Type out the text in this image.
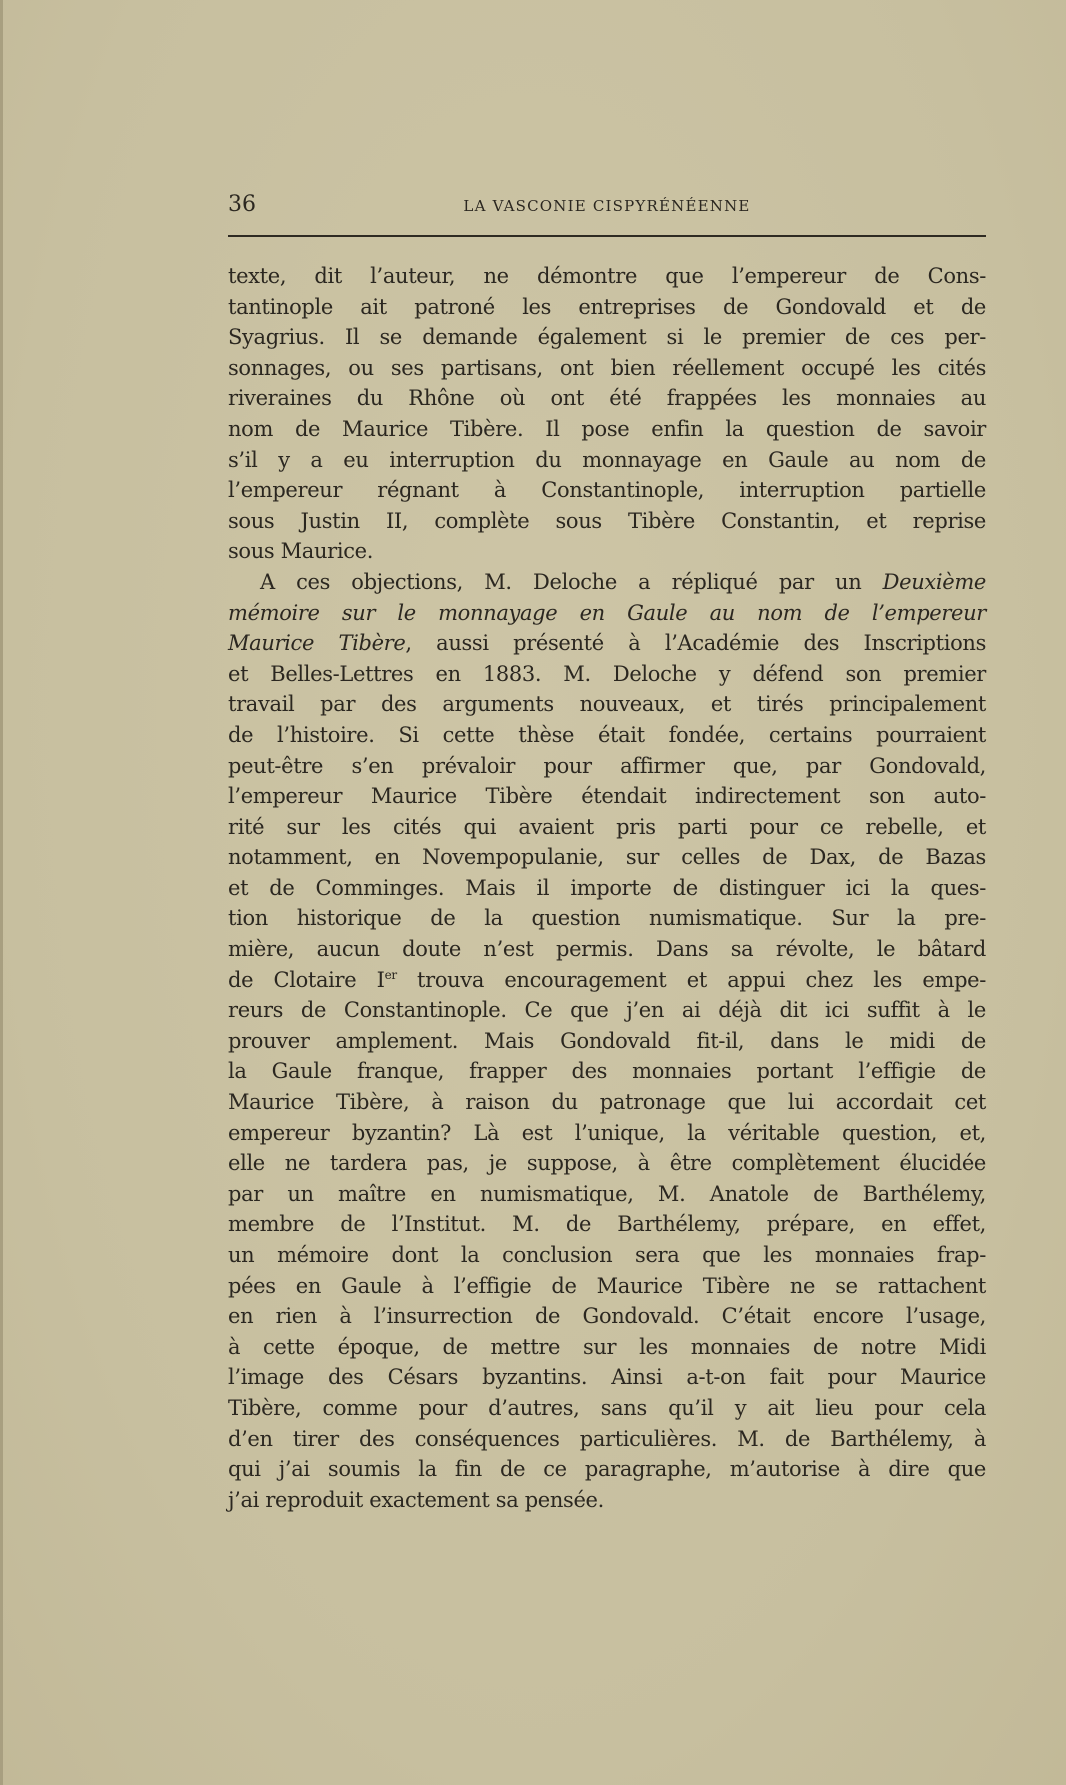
36	LA VASCONIE CISPYRÉNÉENNE
texte, dit l’auteur, ne démontre que l’empereur de Cons-
tantinople ait patroné les entreprises de Gondovald et de
Syagrius. Il se demande également si le premier de ces per-
sonnages, ou ses partisans, ont bien réellement occupé les cités
riveraines du Rhône où ont été frappées les monnaies au
nom de Maurice Tibère. Il pose enfin la question de savoir
s’il y a eu interruption du monnayage en Gaule au nom de
l’empereur régnant à Constantinople, interruption partielle
sous Justin II, complète sous Tibère Constantin, et reprise
sous Maurice.
A ces objections, M. Deloche a répliqué par un Deuxième
mémoire sur le monnayage en Gaule au nom de l’empereur
Maurice Tibère, aussi présenté à l’Académie des Inscriptions
et Belles-Lettres en 1883. M. Deloche y défend son premier
travail par des arguments nouveaux, et tirés principalement
de l’histoire. Si cette thèse était fondée, certains pourraient
peut-être s’en prévaloir pour affirmer que, par Gondovald,
l’empereur Maurice Tibère étendait indirectement son auto-
rité sur les cités qui avaient pris parti pour ce rebelle, et
notamment, en Novempopulanie, sur celles de Dax, de Bazas
et de Comminges. Mais il importe de distinguer ici la ques-
tion historique de la question numismatique. Sur la pre-
mière, aucun doute n’est permis. Dans sa révolte, le bâtard
de Clotaire Ier trouva encouragement et appui chez les empe-
reurs de Constantinople. Ce que j’en ai déjà dit ici suffit à le
prouver amplement. Mais Gondovald fit-il, dans le midi de
la Gaule franque, frapper des monnaies portant l’effigie de
Maurice Tibère, à raison du patronage que lui accordait cet
empereur byzantin? Là est l’unique, la véritable question, et,
elle ne tardera pas, je suppose, à être complètement élucidée
par un maître en numismatique, M. Anatole de Barthélemy,
membre de l’Institut. M. de Barthélemy, prépare, en effet,
un mémoire dont la conclusion sera que les monnaies frap-
pées en Gaule à l’effigie de Maurice Tibère ne se rattachent
en rien à l’insurrection de Gondovald. C’était encore l’usage,
à cette époque, de mettre sur les monnaies de notre Midi
l’image des Césars byzantins. Ainsi a-t-on fait pour Maurice
Tibère, comme pour d’autres, sans qu’il y ait lieu pour cela
d’en tirer des conséquences particulières. M. de Barthélemy, à
qui j’ai soumis la fin de ce paragraphe, m’autorise à dire que
j’ai reproduit exactement sa pensée.
